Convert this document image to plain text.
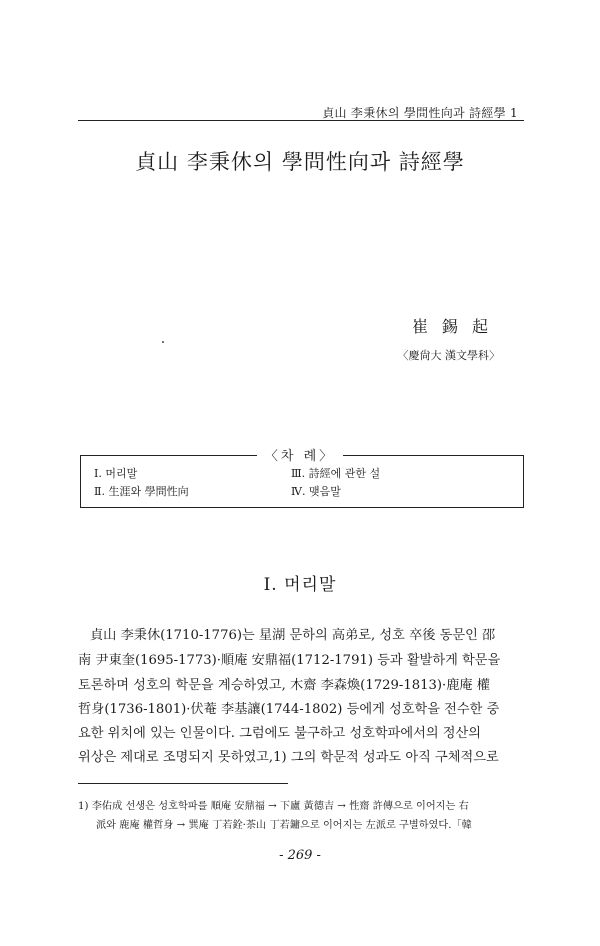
貞山 李秉休의 學問性向과 詩經學 1
貞山 李秉休의 學問性向과 詩經學
崔錫起
〈慶尙大 漢文學科〉
〈차 례〉
Ⅰ. 머리말
Ⅱ. 生涯와 學問性向
Ⅲ. 詩經에 관한 설
Ⅳ. 맺음말
Ⅰ. 머리말
貞山 李秉休(1710-1776)는 星湖 문하의 高弟로, 성호 卒後 동문인 邵
南 尹東奎(1695-1773)·順庵 安鼎福(1712-1791) 등과 활발하게 학문을
토론하며 성호의 학문을 계승하였고, 木齋 李森煥(1729-1813)·鹿庵 權
哲身(1736-1801)·伏菴 李基讓(1744-1802) 등에게 성호학을 전수한 중
요한 위치에 있는 인물이다. 그럼에도 불구하고 성호학파에서의 정산의
위상은 제대로 조명되지 못하였고,1) 그의 학문적 성과도 아직 구체적으로
1) 李佑成 선생은 성호학파를 順庵 安鼎福 → 下廬 黃德吉 → 性齋 許傳으로 이어지는 右
派와 鹿庵 權哲身 → 巽庵 丁若銓·茶山 丁若鏞으로 이어지는 左派로 구별하였다.「韓
- 269 -
